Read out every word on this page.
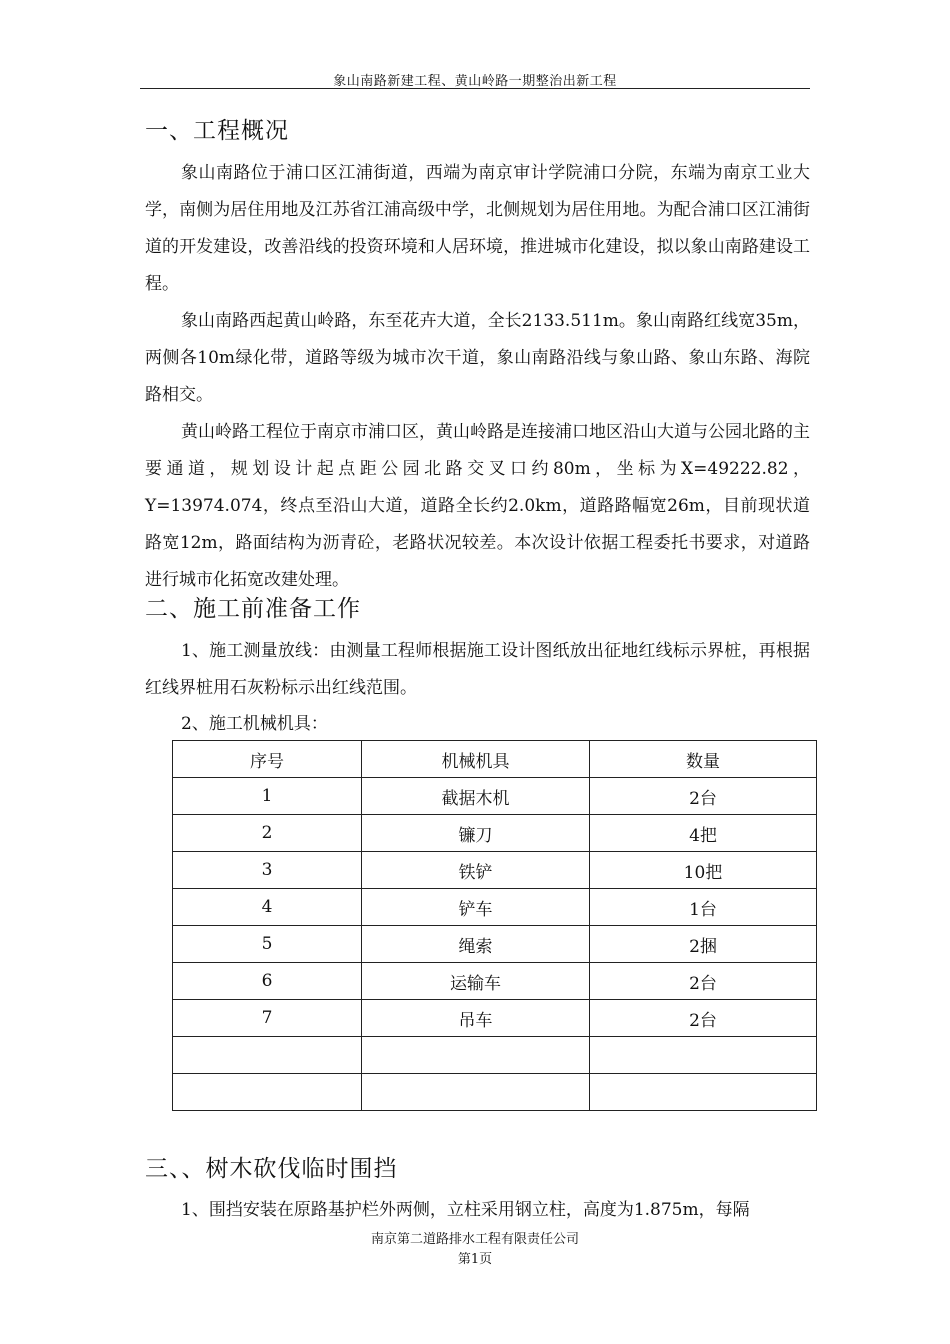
象山南路新建工程、黄山岭路一期整治出新工程
一、工程概况

象山南路位于浦口区江浦街道，西端为南京审计学院浦口分院，东端为南京工业大学，南侧为居住用地及江苏省江浦高级中学，北侧规划为居住用地。为配合浦口区江浦街道的开发建设，改善沿线的投资环境和人居环境，推进城市化建设，拟以象山南路建设工程。

象山南路西起黄山岭路，东至花卉大道，全长2133.511m。象山南路红线宽35m，两侧各10m绿化带，道路等级为城市次干道，象山南路沿线与象山路、象山东路、海院路相交。

黄山岭路工程位于南京市浦口区，黄山岭路是连接浦口地区沿山大道与公园北路的主要通道，规划设计起点距公园北路交叉口约80m，坐标为X=49222.82，Y=13974.074，终点至沿山大道，道路全长约2.0km，道路路幅宽26m，目前现状道路宽12m，路面结构为沥青砼，老路状况较差。本次设计依据工程委托书要求，对道路进行城市化拓宽改建处理。

二、施工前准备工作

1、施工测量放线：由测量工程师根据施工设计图纸放出征地红线标示界桩，再根据红线界桩用石灰粉标示出红线范围。

2、施工机械机具：

序号	机械机具	数量
1	截据木机	2台
2	镰刀	4把
3	铁铲	10把
4	铲车	1台
5	绳索	2捆
6	运输车	2台
7	吊车	2台

三、、树木砍伐临时围挡

1、围挡安装在原路基护栏外两侧，立柱采用钢立柱，高度为1.875m，每隔

南京第二道路排水工程有限责任公司
第1页
